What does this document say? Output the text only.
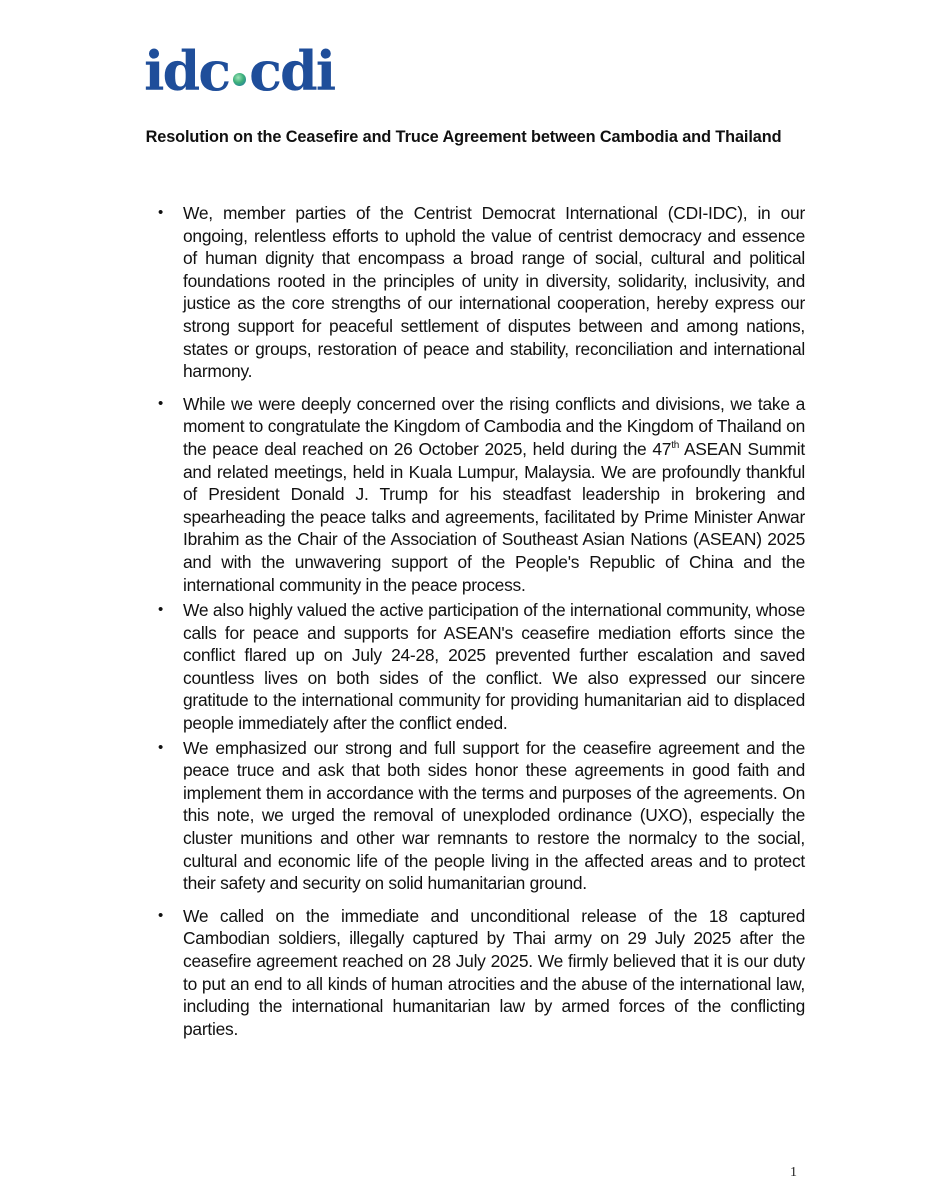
idc cdi
Resolution on the Ceasefire and Truce Agreement between Cambodia and Thailand
• We, member parties of the Centrist Democrat International (CDI-IDC), in our ongoing, relentless efforts to uphold the value of centrist democracy and essence of human dignity that encompass a broad range of social, cultural and political foundations rooted in the principles of unity in diversity, solidarity, inclusivity, and justice as the core strengths of our international cooperation, hereby express our strong support for peaceful settlement of disputes between and among nations, states or groups, restoration of peace and stability, reconciliation and international harmony.
• While we were deeply concerned over the rising conflicts and divisions, we take a moment to congratulate the Kingdom of Cambodia and the Kingdom of Thailand on the peace deal reached on 26 October 2025, held during the 47th ASEAN Summit and related meetings, held in Kuala Lumpur, Malaysia. We are profoundly thankful of President Donald J. Trump for his steadfast leadership in brokering and spearheading the peace talks and agreements, facilitated by Prime Minister Anwar Ibrahim as the Chair of the Association of Southeast Asian Nations (ASEAN) 2025 and with the unwavering support of the People's Republic of China and the international community in the peace process.
• We also highly valued the active participation of the international community, whose calls for peace and supports for ASEAN's ceasefire mediation efforts since the conflict flared up on July 24-28, 2025 prevented further escalation and saved countless lives on both sides of the conflict. We also expressed our sincere gratitude to the international community for providing humanitarian aid to displaced people immediately after the conflict ended.
• We emphasized our strong and full support for the ceasefire agreement and the peace truce and ask that both sides honor these agreements in good faith and implement them in accordance with the terms and purposes of the agreements. On this note, we urged the removal of unexploded ordinance (UXO), especially the cluster munitions and other war remnants to restore the normalcy to the social, cultural and economic life of the people living in the affected areas and to protect their safety and security on solid humanitarian ground.
• We called on the immediate and unconditional release of the 18 captured Cambodian soldiers, illegally captured by Thai army on 29 July 2025 after the ceasefire agreement reached on 28 July 2025. We firmly believed that it is our duty to put an end to all kinds of human atrocities and the abuse of the international law, including the international humanitarian law by armed forces of the conflicting parties.
1
